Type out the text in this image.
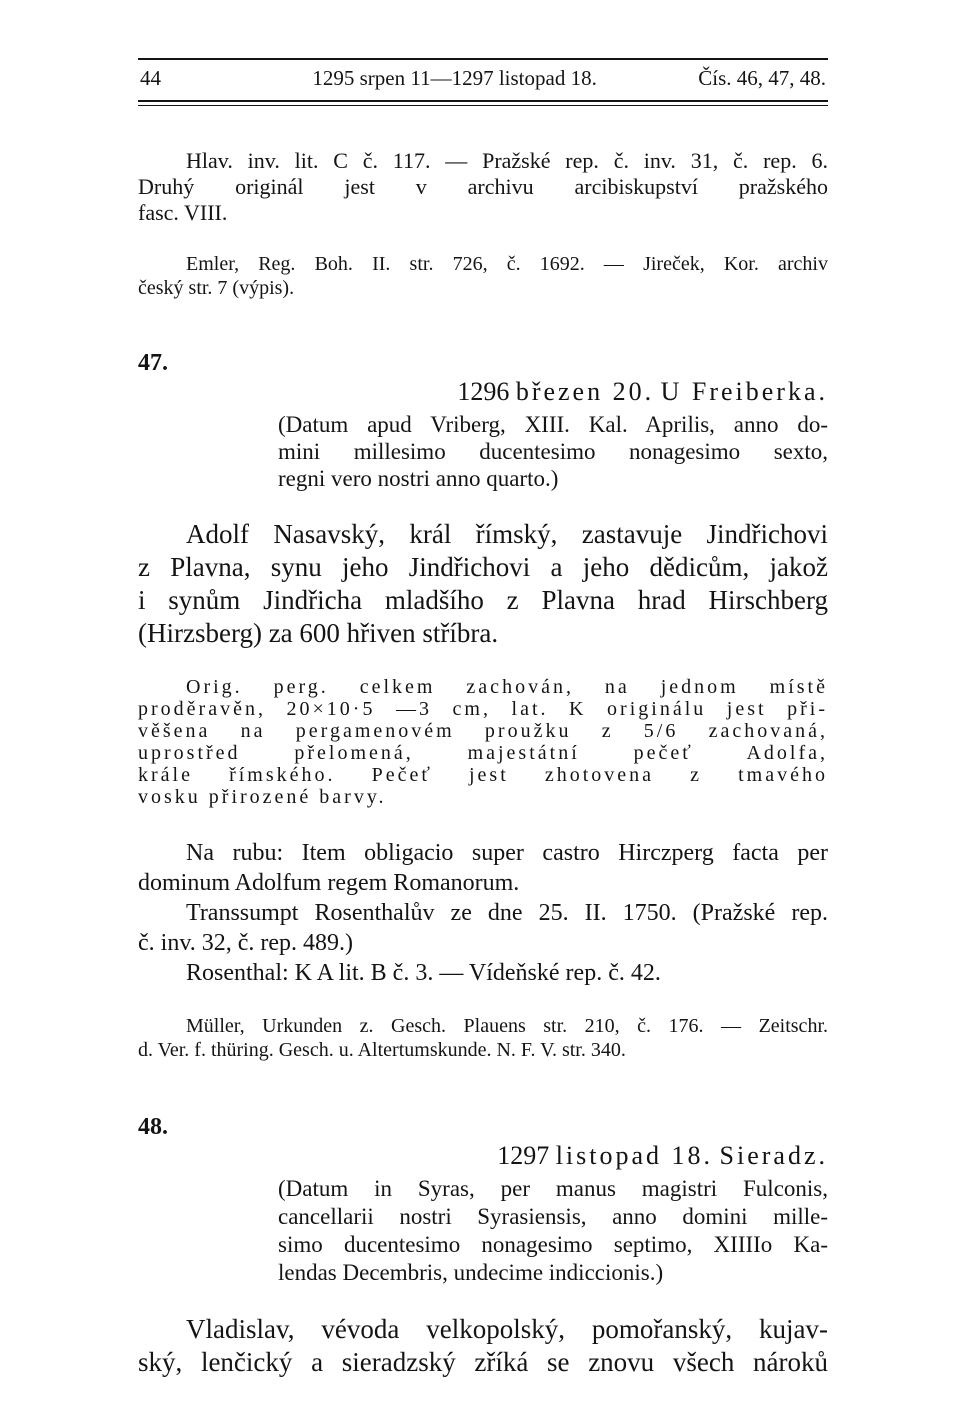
44	1295 srpen 11—1297 listopad 18.	Čís. 46, 47, 48.

Hlav. inv. lit. C č. 117. — Pražské rep. č. inv. 31, č. rep. 6.

Druhý originál jest v archivu arcibiskupství pražského

fasc. VIII.

Emler, Reg. Boh. II. str. 726, č. 1692. — Jireček, Kor. archiv

český str. 7 (výpis).

47.
1296 březen 20. U Freiberka.

(Datum apud Vriberg, XIII. Kal. Aprilis, anno do-

mini millesimo ducentesimo nonagesimo sexto,

regni vero nostri anno quarto.)

Adolf Nasavský, král římský, zastavuje Jindřichovi

z Plavna, synu jeho Jindřichovi a jeho dědicům, jakož

i synům Jindřicha mladšího z Plavna hrad Hirschberg

(Hirzsberg) za 600 hřiven stříbra.

Orig. perg. celkem zachován, na jednom místě

proděravěn, 20×10·5 —3 cm, lat. K originálu jest při-

věšena na pergamenovém proužku z 5/6 zachovaná,

uprostřed přelomená, majestátní pečeť Adolfa,

krále římského. Pečeť jest zhotovena z tmavého

vosku přirozené barvy.

Na rubu: Item obligacio super castro Hirczperg facta per

dominum Adolfum regem Romanorum.

Transsumpt Rosenthalův ze dne 25. II. 1750. (Pražské rep.

č. inv. 32, č. rep. 489.)

Rosenthal: K A lit. B č. 3. — Vídeňské rep. č. 42.

Müller, Urkunden z. Gesch. Plauens str. 210, č. 176. — Zeitschr.

d. Ver. f. thüring. Gesch. u. Altertumskunde. N. F. V. str. 340.

48.
1297 listopad 18. Sieradz.

(Datum in Syras, per manus magistri Fulconis,

cancellarii nostri Syrasiensis, anno domini mille-

simo ducentesimo nonagesimo septimo, XIIIIo Ka-

lendas Decembris, undecime indiccionis.)

Vladislav, vévoda velkopolský, pomořanský, kujav-

ský, lenčický a sieradzský zříká se znovu všech nároků
